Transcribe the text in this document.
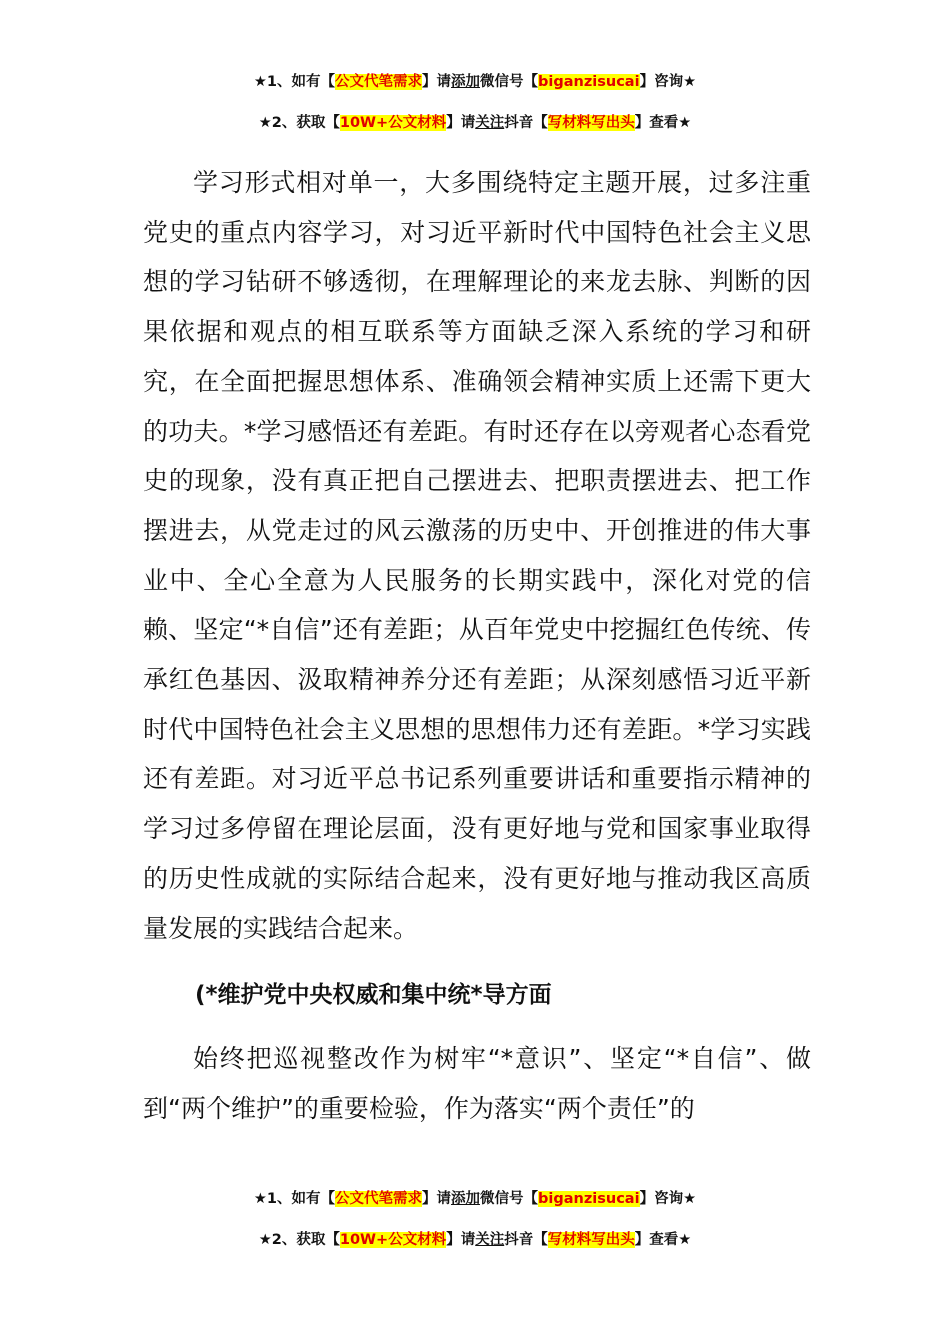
★1、如有【公文代笔需求】请添加微信号【biganzisucai】咨询★
★2、获取【10W+公文材料】请关注抖音【写材料写出头】查看★

学习形式相对单一，大多围绕特定主题开展，过多注重党史的重点内容学习，对习近平新时代中国特色社会主义思想的学习钻研不够透彻，在理解理论的来龙去脉、判断的因果依据和观点的相互联系等方面缺乏深入系统的学习和研究，在全面把握思想体系、准确领会精神实质上还需下更大的功夫。*学习感悟还有差距。有时还存在以旁观者心态看党史的现象，没有真正把自己摆进去、把职责摆进去、把工作摆进去，从党走过的风云激荡的历史中、开创推进的伟大事业中、全心全意为人民服务的长期实践中，深化对党的信赖、坚定“*自信”还有差距；从百年党史中挖掘红色传统、传承红色基因、汲取精神养分还有差距；从深刻感悟习近平新时代中国特色社会主义思想的思想伟力还有差距。*学习实践还有差距。对习近平总书记系列重要讲话和重要指示精神的学习过多停留在理论层面，没有更好地与党和国家事业取得的历史性成就的实际结合起来，没有更好地与推动我区高质量发展的实践结合起来。

(*维护党中央权威和集中统*导方面

始终把巡视整改作为树牢“*意识”、坚定“*自信”、做到“两个维护”的重要检验，作为落实“两个责任”的

★1、如有【公文代笔需求】请添加微信号【biganzisucai】咨询★
★2、获取【10W+公文材料】请关注抖音【写材料写出头】查看★
